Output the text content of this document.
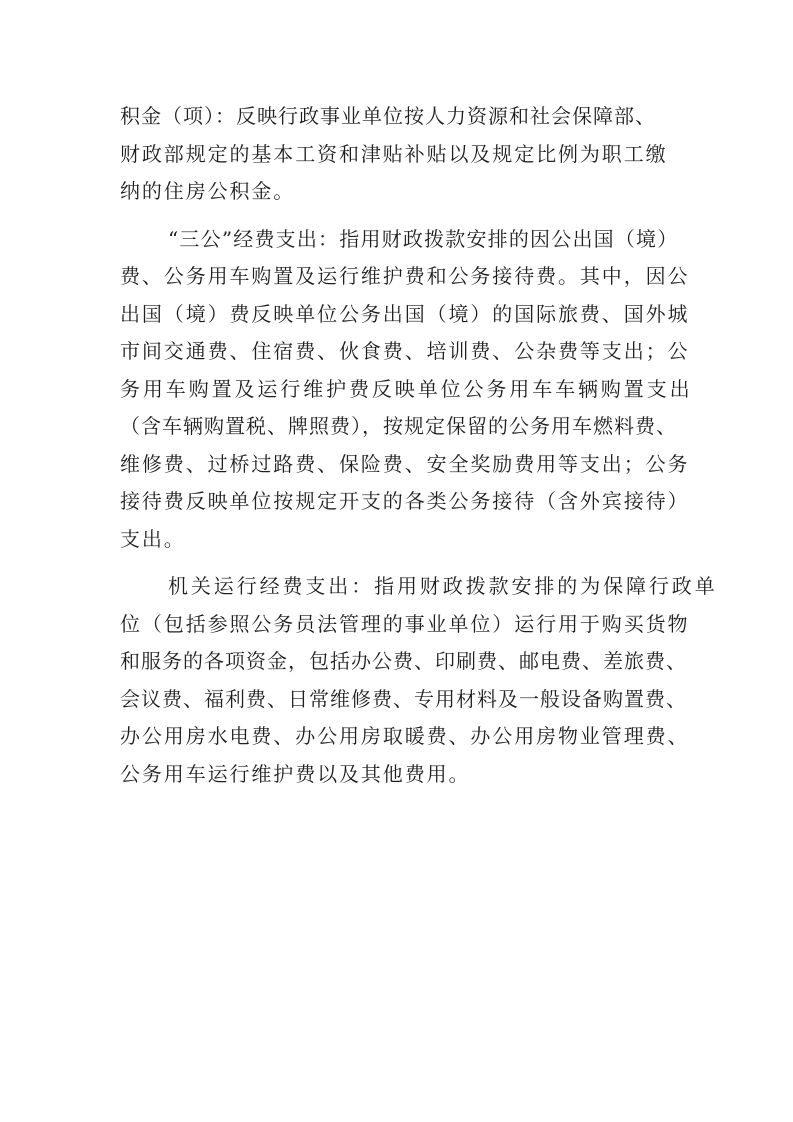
积金（项）：反映行政事业单位按人力资源和社会保障部、
财政部规定的基本工资和津贴补贴以及规定比例为职工缴
纳的住房公积金。
“三公”经费支出：指用财政拨款安排的因公出国（境）
费、公务用车购置及运行维护费和公务接待费。其中，因公
出国（境）费反映单位公务出国（境）的国际旅费、国外城
市间交通费、住宿费、伙食费、培训费、公杂费等支出；公
务用车购置及运行维护费反映单位公务用车车辆购置支出
（含车辆购置税、牌照费），按规定保留的公务用车燃料费、
维修费、过桥过路费、保险费、安全奖励费用等支出；公务
接待费反映单位按规定开支的各类公务接待（含外宾接待）
支出。
机关运行经费支出：指用财政拨款安排的为保障行政单
位（包括参照公务员法管理的事业单位）运行用于购买货物
和服务的各项资金，包括办公费、印刷费、邮电费、差旅费、
会议费、福利费、日常维修费、专用材料及一般设备购置费、
办公用房水电费、办公用房取暖费、办公用房物业管理费、
公务用车运行维护费以及其他费用。
